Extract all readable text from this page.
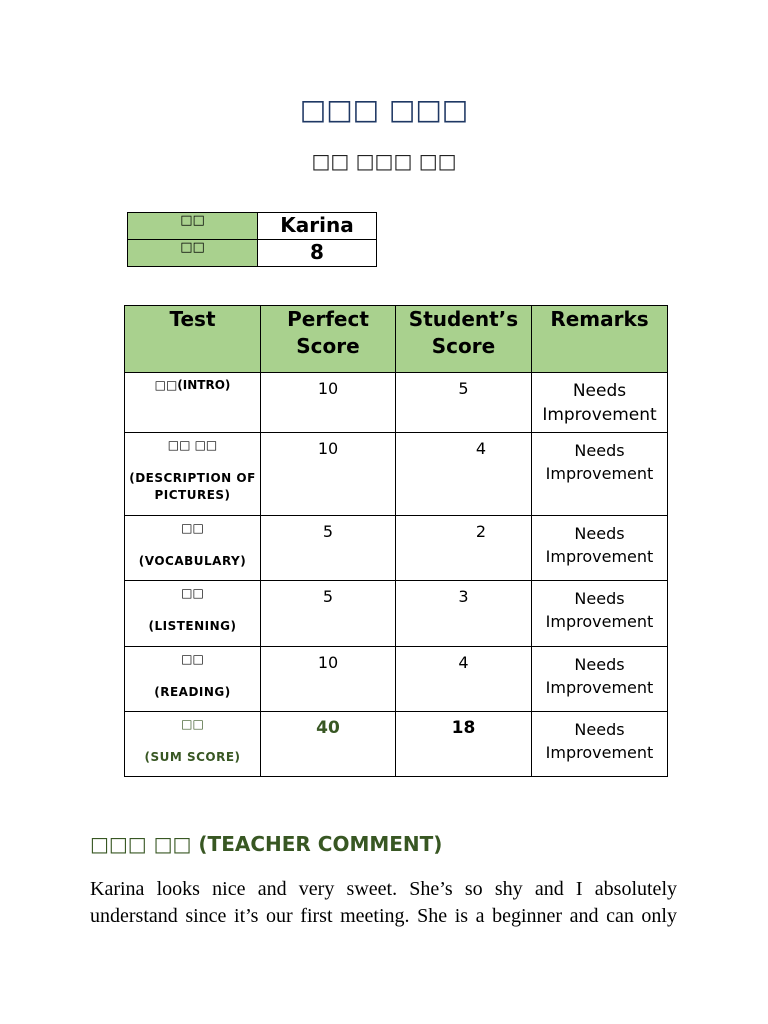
□□□ □□□
□□ □□□ □□
□□	Karina
□□	8
Test	Perfect Score	Student’s Score	Remarks
□□(INTRO)	10	5	Needs Improvement
□□ □□
(DESCRIPTION OF PICTURES)	10	4	Needs Improvement
□□
(VOCABULARY)	5	2	Needs Improvement
□□
(LISTENING)	5	3	Needs Improvement
□□
(READING)	10	4	Needs Improvement
□□
(SUM SCORE)	40	18	Needs Improvement
□□□ □□ (TEACHER COMMENT)

Karina looks nice and very sweet. She’s so shy and I absolutely understand since it’s our first meeting. She is a beginner and can only
